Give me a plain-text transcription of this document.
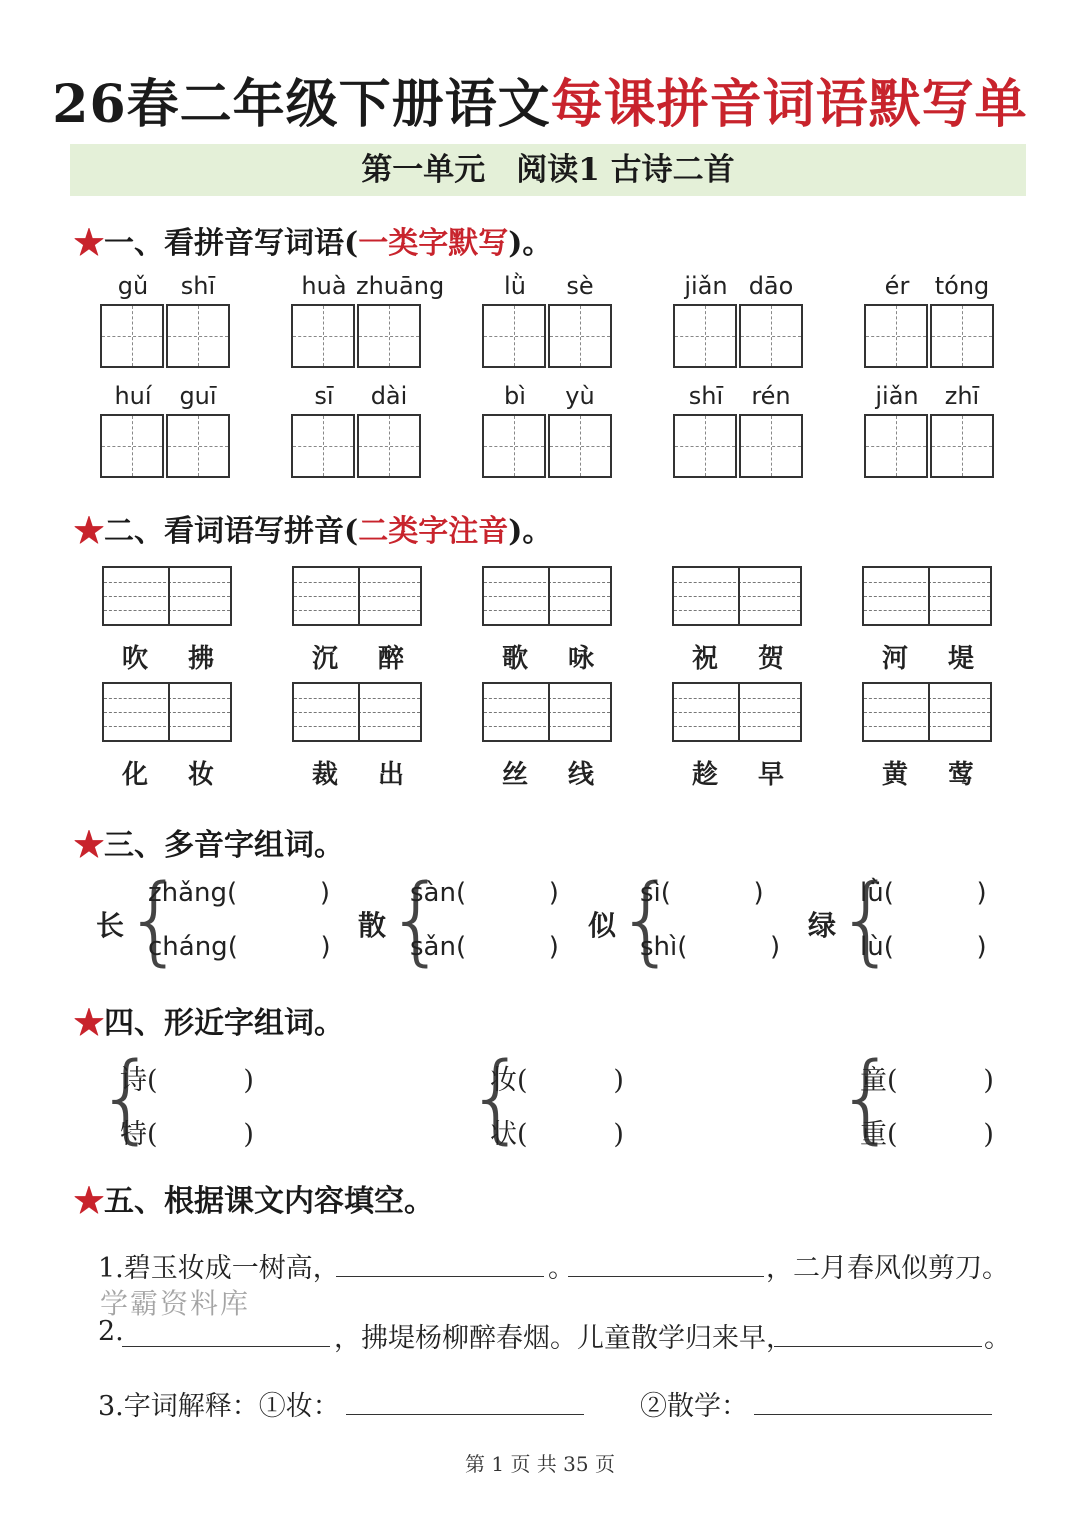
26春二年级下册语文每课拼音词语默写单
第一单元　阅读1 古诗二首
★一、看拼音写词语(一类字默写)。
gǔ	shī	huà zhuāng	lǜ	sè	jiǎn dāo	ér	tóng
huí	guī	sī	dài	bì	yù	shī	rén	jiǎn	zhī
★二、看词语写拼音(二类字注音)。
吹	拂	沉	醉	歌	咏	祝	贺	河	堤
化	妆	裁	出	丝	线	趁	早	黄	莺
★三、多音字组词。
长 {
zhǎng(          )
cháng(          )
散 {
sàn(          )
sǎn(          )
似 {
sì(          )
shì(          )
绿 {
lǜ(          )
lù(          )
★四、形近字组词。
{
诗(          )
特(          ) {
妆(          )
状(          ) {
童(          )
重(          )
★五、根据课文内容填空。
1.碧玉妆成一树高，	。	，二月春风似剪刀。
学霸资料库
2.	，拂堤杨柳醉春烟。儿童散学归来早，	。
3.字词解释：①妆：	②散学：
第 1 页 共 35 页
